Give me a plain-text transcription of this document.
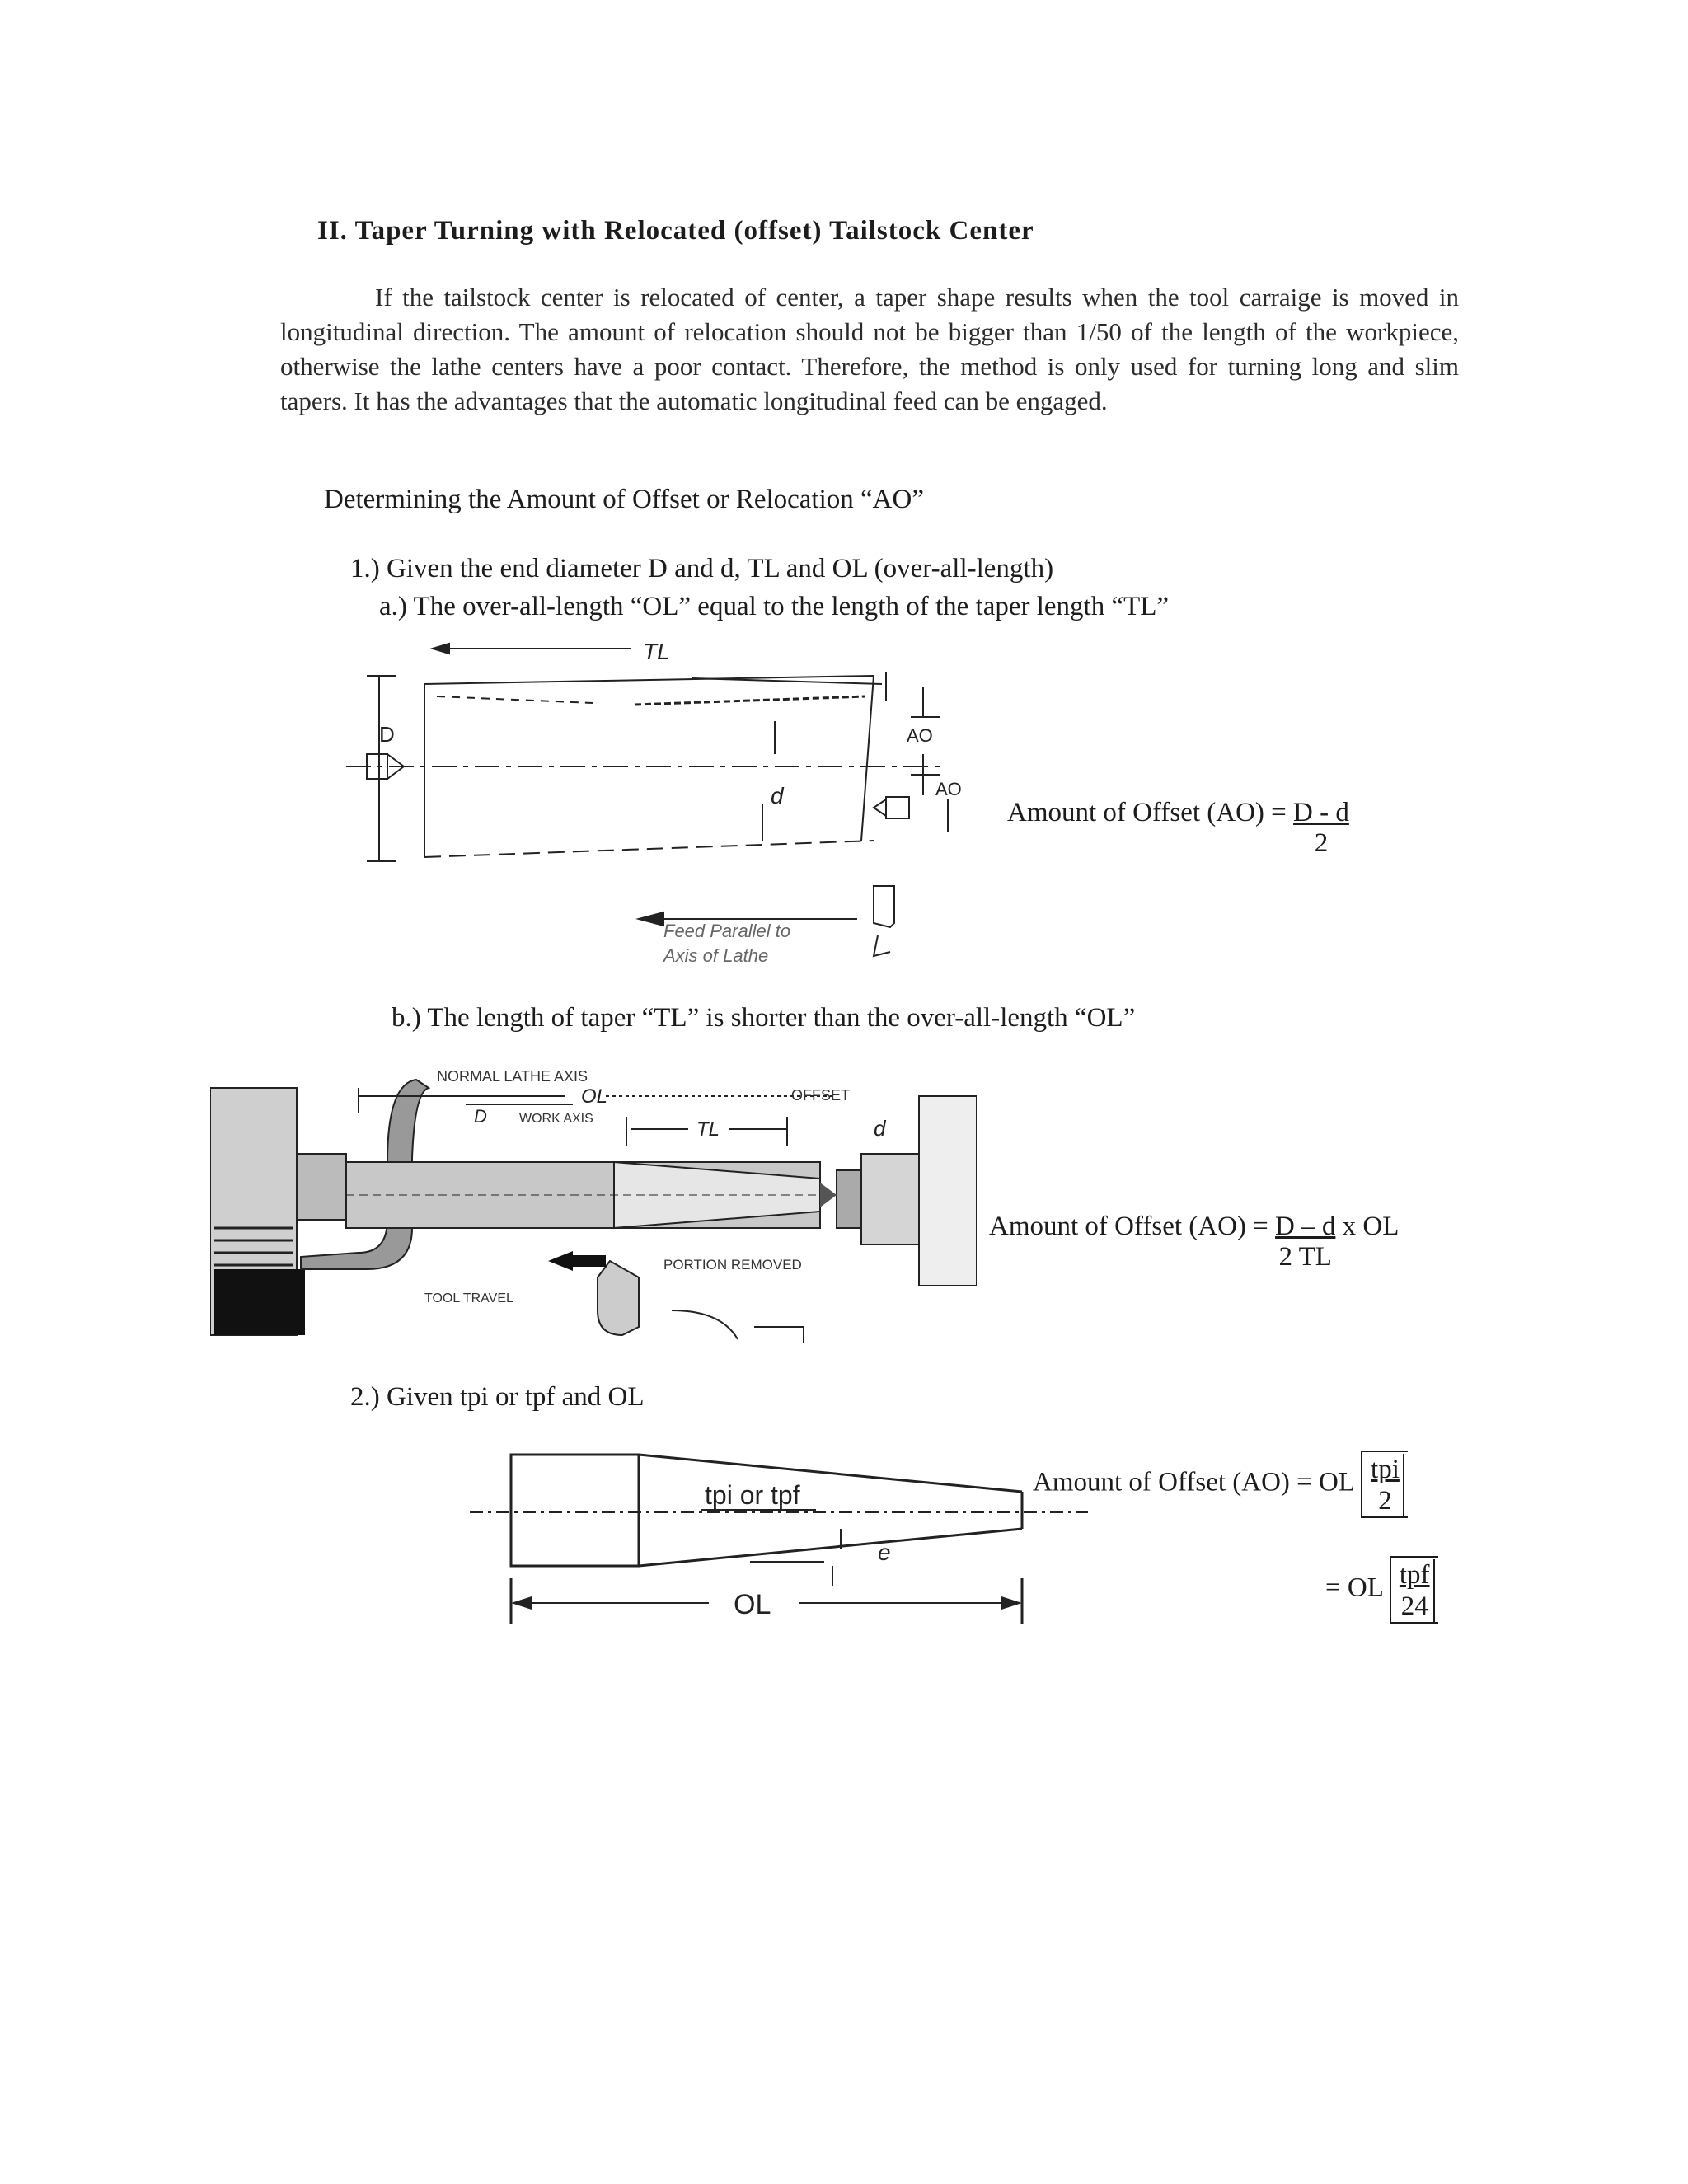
II. Taper Turning with Relocated (offset) Tailstock Center
If the tailstock center is relocated of center, a taper shape results when the tool carraige is moved in longitudinal direction. The amount of relocation should not be bigger than 1/50 of the length of the workpiece, otherwise the lathe centers have a poor contact. Therefore, the method is only used for turning long and slim tapers. It has the advantages that the automatic longitudinal feed can be engaged.
Determining the Amount of Offset or Relocation “AO”
1.) Given the end diameter D and d, TL and OL (over-all-length)
a.) The over-all-length “OL” equal to the length of the taper length “TL”
TL
D
d
AO
AO
Feed Parallel to
Axis of Lathe
Amount of Offset $(AO) = \frac{D - d}{2}$
b.) The length of taper “TL” is shorter than the over-all-length “OL”
NORMAL LATHE AXIS
OL	OFFSET
D WORK AXIS	TL	d
PORTION REMOVED
TOOL TRAVEL
Amount of Offset $(AO) = \frac{D - d}{2 TL}$ x OL
2.) Given tpi or tpf and OL
tpi or tpf
OL
e
Amount of Offset (AO) = OL $\frac{\text{tpi}}{2}$
= OL $\frac{\text{tpf}}{24}$
